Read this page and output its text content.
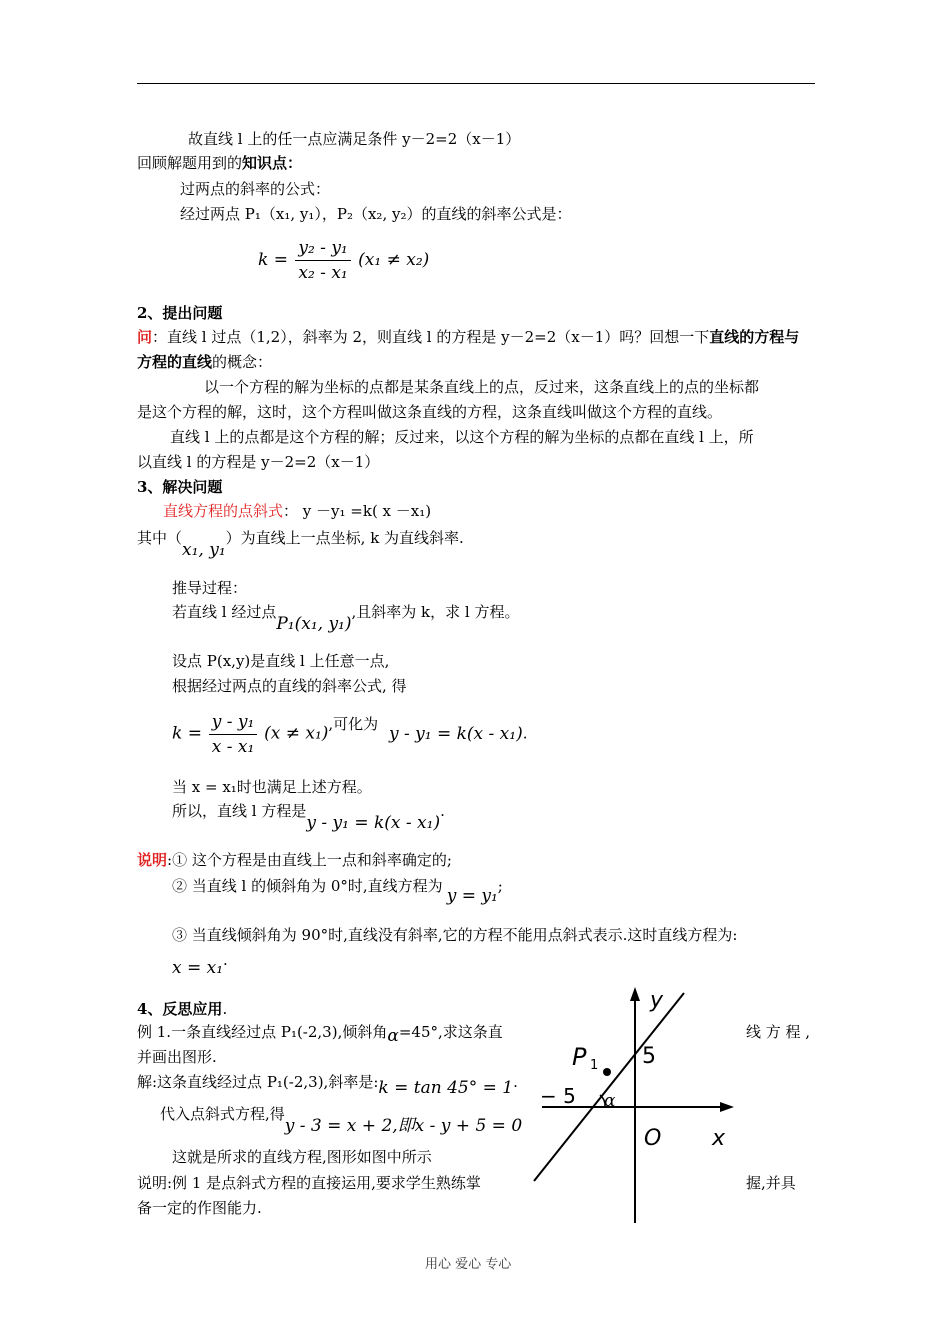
故直线 l 上的任一点应满足条件 y－2=2（x－1）
回顾解题用到的知识点：
过两点的斜率的公式：
经过两点 P₁（x₁, y₁），P₂（x₂, y₂）的直线的斜率公式是：
$k = \frac{\text{y₂ - y₁}}{\text{x₂ - x₁}} (x_1 \ne x_2)$
2、提出问题
问：直线 l 过点（1,2），斜率为 2，则直线 l 的方程是 y－2=2（x－1）吗？回想一下直线的方程与
方程的直线的概念：
以一个方程的解为坐标的点都是某条直线上的点，反过来，这条直线上的点的坐标都
是这个方程的解，这时，这个方程叫做这条直线的方程，这条直线叫做这个方程的直线。
直线 l 上的点都是这个方程的解；反过来，以这个方程的解为坐标的点都在直线 l 上，所
以直线 l 的方程是 y－2=2（x－1）
3、解决问题
直线方程的点斜式： y －y₁ =k( x －x₁)
其中（x₁, y₁）为直线上一点坐标, k 为直线斜率.
推导过程：
若直线 l 经过点P₁(x₁, y₁),且斜率为 k，求 l 方程。
设点 P(x,y)是直线 l 上任意一点,
根据经过两点的直线的斜率公式, 得
$k = \frac{\text{y - y₁}}{\text{x - x₁}} (x \ne x_1)$,可化为 y - y₁ = k(x - x₁).
当 x = x₁时也满足上述方程。
所以，直线 l 方程是y - y₁ = k(x - x₁).
说明:① 这个方程是由直线上一点和斜率确定的;
② 当直线 l 的倾斜角为 0°时,直线方程为 y = y₁;
③ 当直线倾斜角为 90°时,直线没有斜率,它的方程不能用点斜式表示.这时直线方程为:
x = x₁.
4、反思应用.
例 1.一条直线经过点 P₁(-2,3),倾斜角α=45°,求这条直	线 方 程 ,
并画出图形.
解:这条直线经过点 P₁(-2,3),斜率是:k = tan 45° = 1.
代入点斜式方程,得y - 3 = x + 2,即x - y + 5 = 0
这就是所求的直线方程,图形如图中所示
说明:例 1 是点斜式方程的直接运用,要求学生熟练掌	握,并具
备一定的作图能力.
y
x
O
P 1 5
− 5 α
用心 爱心 专心
